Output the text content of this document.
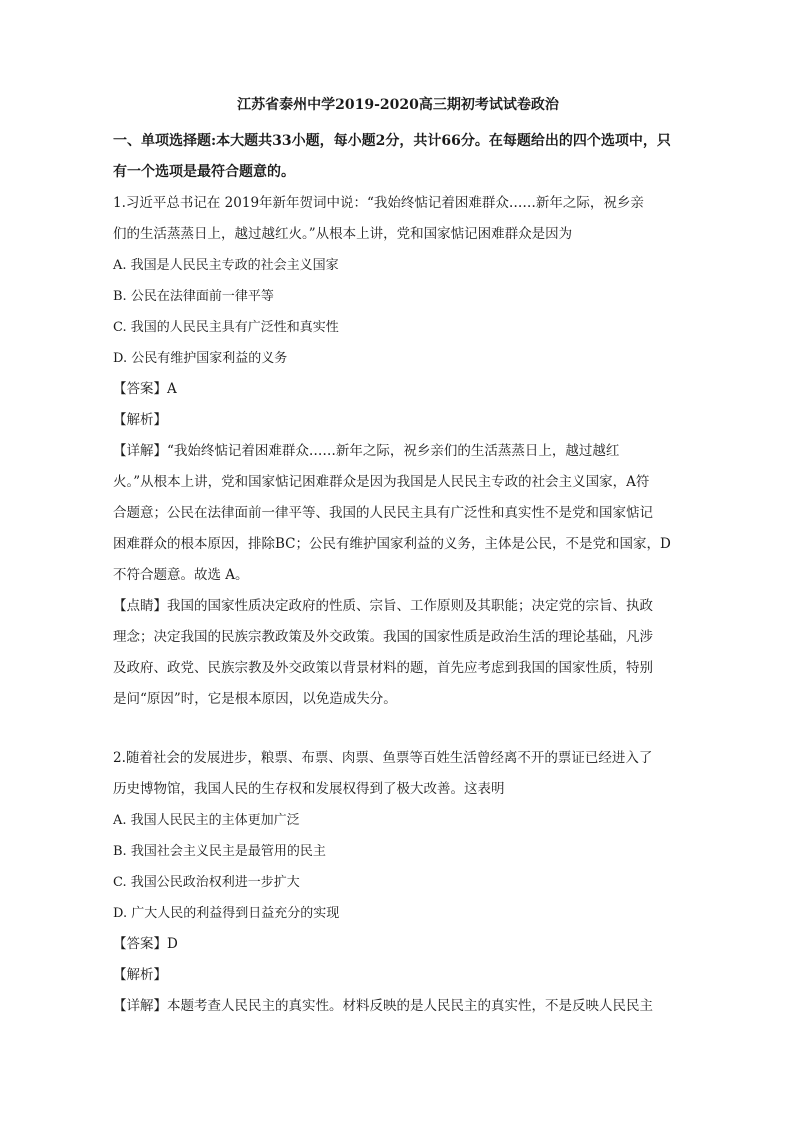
江苏省泰州中学2019-2020高三期初考试试卷政治

一、单项选择题:本大题共33小题，每小题2分，共计66分。在每题给出的四个选项中，只

有一个选项是最符合题意的。

1.习近平总书记在 2019年新年贺词中说：“我始终惦记着困难群众……新年之际，祝乡亲

们的生活蒸蒸日上，越过越红火。”从根本上讲，党和国家惦记困难群众是因为

A. 我国是人民民主专政的社会主义国家

B. 公民在法律面前一律平等

C. 我国的人民民主具有广泛性和真实性

D. 公民有维护国家利益的义务

【答案】A

【解析】

【详解】“我始终惦记着困难群众……新年之际，祝乡亲们的生活蒸蒸日上，越过越红

火。”从根本上讲，党和国家惦记困难群众是因为我国是人民民主专政的社会主义国家，A符

合题意；公民在法律面前一律平等、我国的人民民主具有广泛性和真实性不是党和国家惦记

困难群众的根本原因，排除BC；公民有维护国家利益的义务，主体是公民，不是党和国家，D

不符合题意。故选 A。

【点睛】我国的国家性质决定政府的性质、宗旨、工作原则及其职能；决定党的宗旨、执政

理念；决定我国的民族宗教政策及外交政策。我国的国家性质是政治生活的理论基础，凡涉

及政府、政党、民族宗教及外交政策以背景材料的题，首先应考虑到我国的国家性质，特别

是问“原因”时，它是根本原因，以免造成失分。

2.随着社会的发展进步，粮票、布票、肉票、鱼票等百姓生活曾经离不开的票证已经进入了

历史博物馆，我国人民的生存权和发展权得到了极大改善。这表明

A. 我国人民民主的主体更加广泛

B. 我国社会主义民主是最管用的民主

C. 我国公民政治权利进一步扩大

D. 广大人民的利益得到日益充分的实现

【答案】D

【解析】

【详解】本题考查人民民主的真实性。材料反映的是人民民主的真实性，不是反映人民民主
